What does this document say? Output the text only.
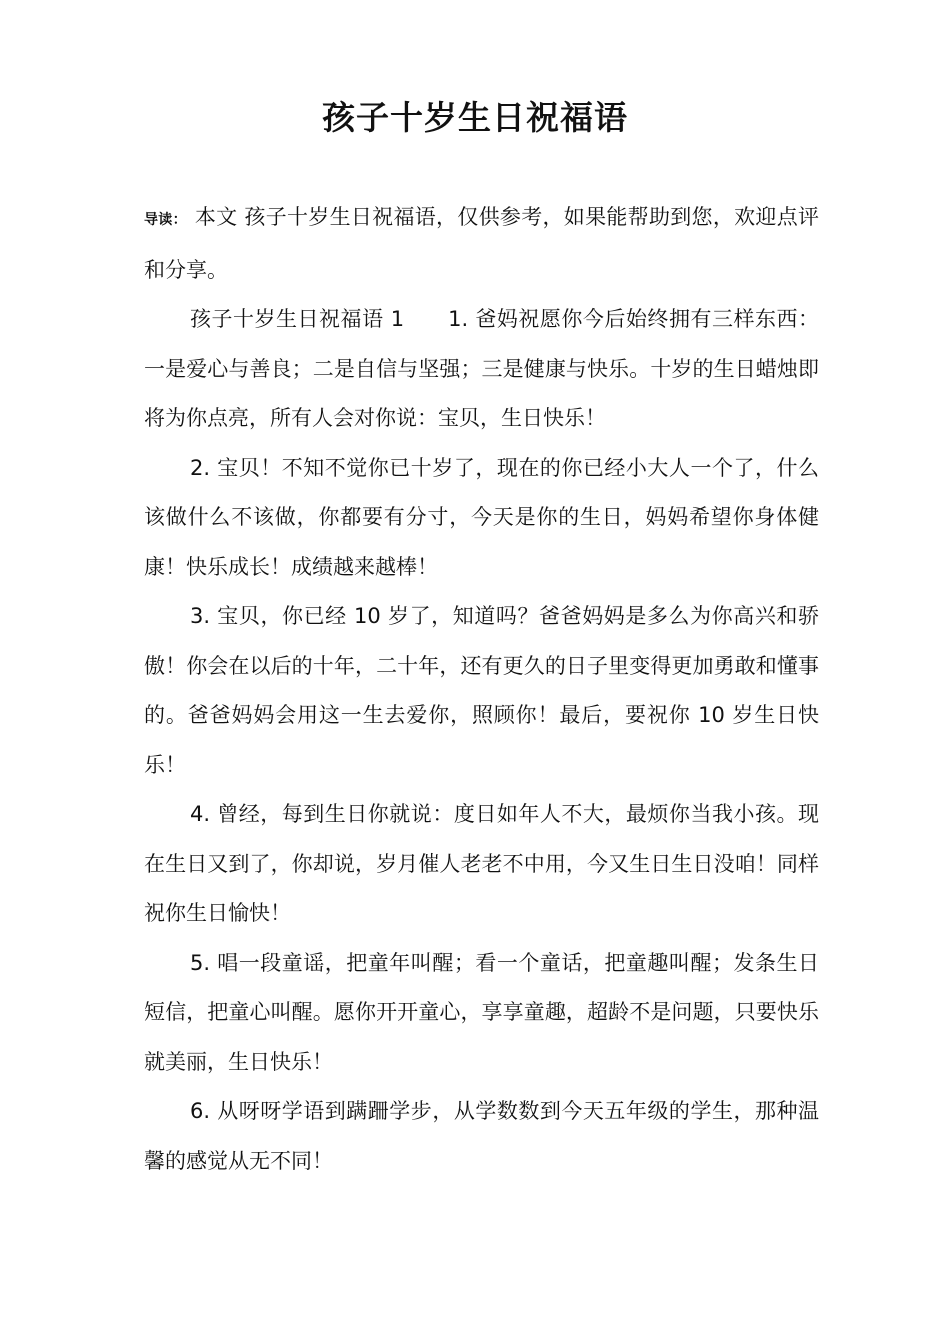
孩子十岁生日祝福语

导读： 本文 孩子十岁生日祝福语，仅供参考，如果能帮助到您，欢迎点评和分享。

孩子十岁生日祝福语 1 1. 爸妈祝愿你今后始终拥有三样东西：一是爱心与善良；二是自信与坚强；三是健康与快乐。十岁的生日蜡烛即将为你点亮，所有人会对你说：宝贝，生日快乐！

2. 宝贝！不知不觉你已十岁了，现在的你已经小大人一个了，什么该做什么不该做，你都要有分寸，今天是你的生日，妈妈希望你身体健康！快乐成长！成绩越来越棒！

3. 宝贝，你已经 10 岁了，知道吗？爸爸妈妈是多么为你高兴和骄傲！你会在以后的十年，二十年，还有更久的日子里变得更加勇敢和懂事的。爸爸妈妈会用这一生去爱你，照顾你！最后，要祝你 10 岁生日快乐！

4. 曾经，每到生日你就说：度日如年人不大，最烦你当我小孩。现在生日又到了，你却说，岁月催人老老不中用，今又生日生日没咱！同样祝你生日愉快！

5. 唱一段童谣，把童年叫醒；看一个童话，把童趣叫醒；发条生日短信，把童心叫醒。愿你开开童心，享享童趣，超龄不是问题，只要快乐就美丽，生日快乐！

6. 从呀呀学语到蹒跚学步，从学数数到今天五年级的学生，那种温馨的感觉从无不同！
